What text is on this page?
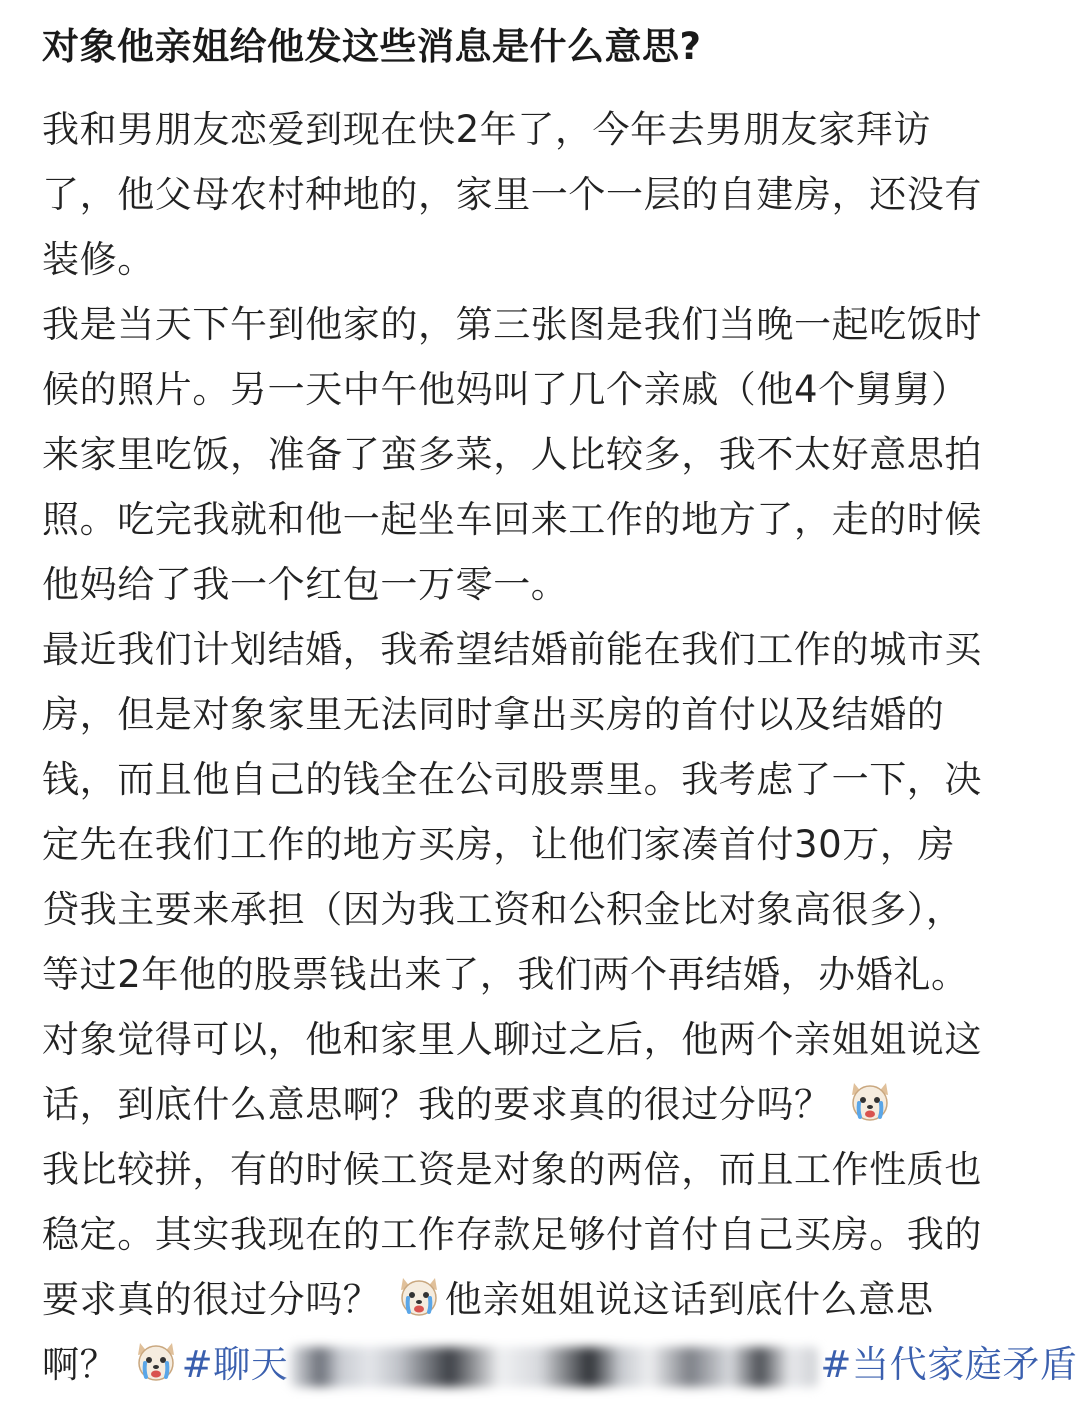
对象他亲姐给他发这些消息是什么意思?
我和男朋友恋爱到现在快2年了，今年去男朋友家拜访
了，他父母农村种地的，家里一个一层的自建房，还没有
装修。
我是当天下午到他家的，第三张图是我们当晚一起吃饭时
候的照片。另一天中午他妈叫了几个亲戚（他4个舅舅）
来家里吃饭，准备了蛮多菜，人比较多，我不太好意思拍
照。吃完我就和他一起坐车回来工作的地方了，走的时候
他妈给了我一个红包一万零一。
最近我们计划结婚，我希望结婚前能在我们工作的城市买
房，但是对象家里无法同时拿出买房的首付以及结婚的
钱，而且他自己的钱全在公司股票里。我考虑了一下，决
定先在我们工作的地方买房，让他们家凑首付30万，房
贷我主要来承担（因为我工资和公积金比对象高很多），
等过2年他的股票钱出来了，我们两个再结婚，办婚礼。
对象觉得可以，他和家里人聊过之后，他两个亲姐姐说这
话，到底什么意思啊？我的要求真的很过分吗？
我比较拼，有的时候工资是对象的两倍，而且工作性质也
稳定。其实我现在的工作存款足够付首付自己买房。我的
要求真的很过分吗？ 他亲姐姐说这话到底什么意思
啊？ #聊天	#当代家庭矛盾
